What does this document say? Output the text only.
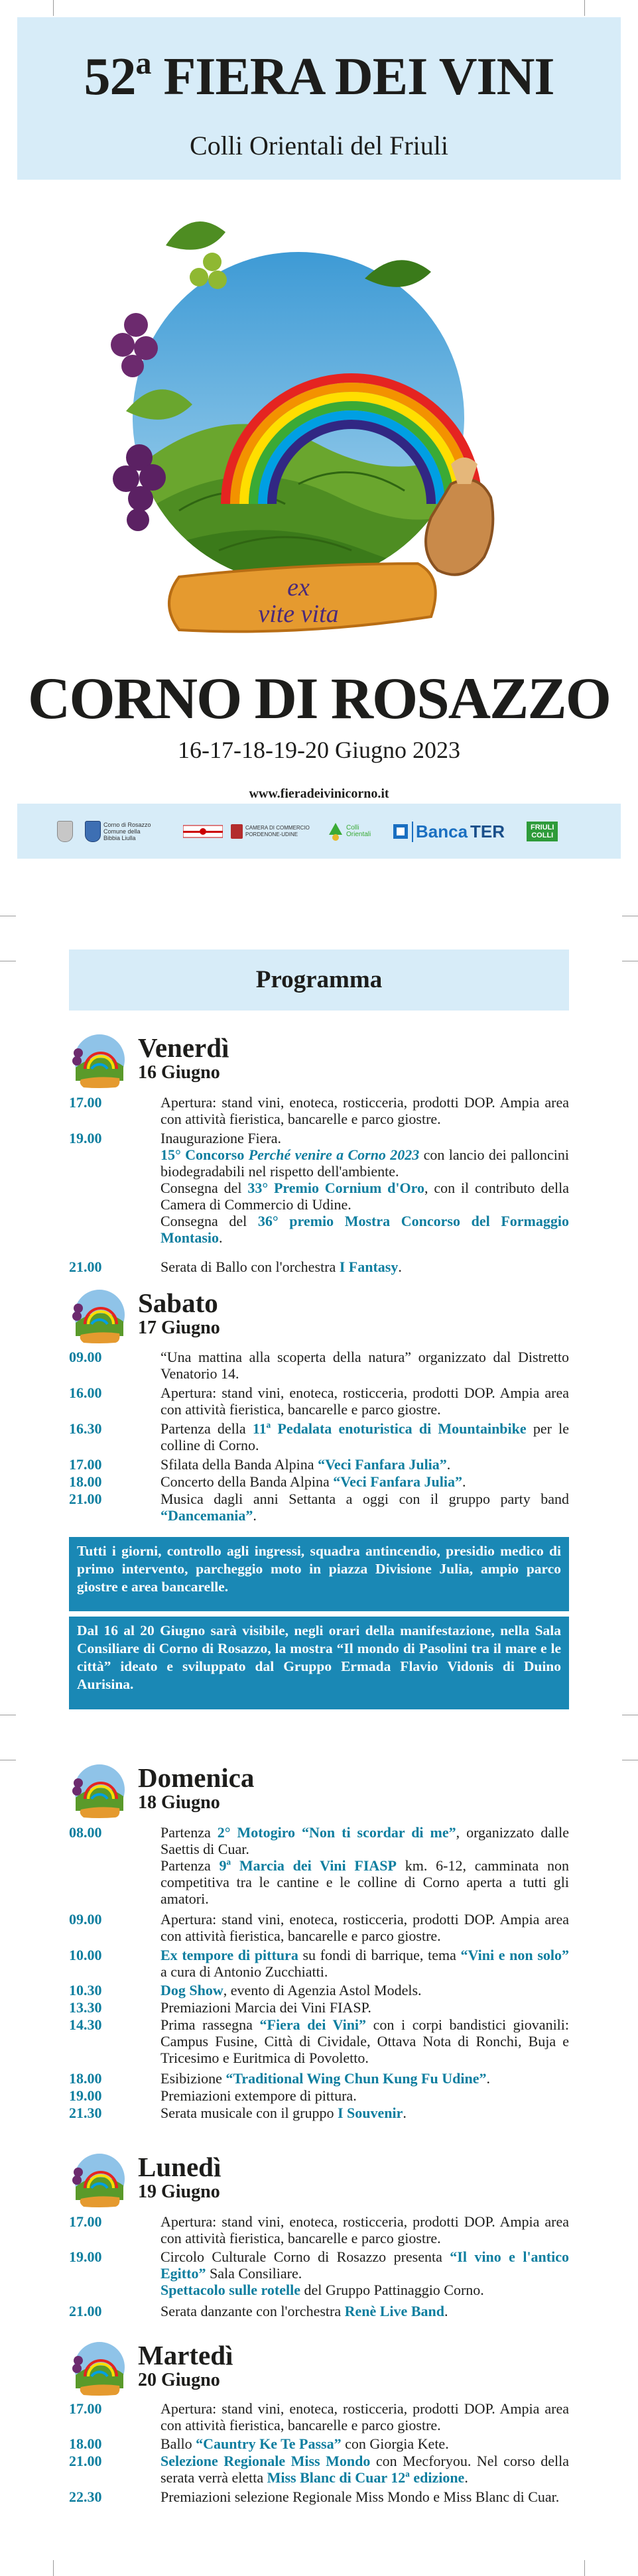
52$^a$ FIERA DEI VINI
Colli Orientali del Friuli
ex
vite vita
CORNO DI ROSAZZO
16-17-18-19-20 Giugno 2023
www.fieradeivinicorno.it
Corno di Rosazzo
Comune della
Bibbia Liulla
CAMERA DI COMMERCIO
PORDENONE-UDINE
Colli
Orientali	Banca TER	FRIULI
COLLI
Programma
Venerdì
16 Giugno
17.00	Apertura: stand vini, enoteca, rosticceria, prodotti DOP. Ampia area con attività fieristica, bancarelle e parco giostre.
19.00	Inaugurazione Fiera.
15° Concorso Perché venire a Corno 2023 con lancio dei palloncini biodegradabili nel rispetto dell'ambiente.
Consegna del 33° Premio Cornium d'Oro, con il contributo della Camera di Commercio di Udine.
Consegna del 36° premio Mostra Concorso del Formaggio Montasio.
21.00	Serata di Ballo con l'orchestra I Fantasy.
Sabato
17 Giugno
09.00	“Una mattina alla scoperta della natura” organizzato dal Distretto Venatorio 14.
16.00	Apertura: stand vini, enoteca, rosticceria, prodotti DOP. Ampia area con attività fieristica, bancarelle e parco giostre.
16.30	Partenza della 11ª Pedalata enoturistica di Mountainbike per le colline di Corno.
17.00	Sfilata della Banda Alpina “Veci Fanfara Julia”.
18.00	Concerto della Banda Alpina “Veci Fanfara Julia”.
21.00	Musica dagli anni Settanta a oggi con il gruppo party band “Dancemania”.
Tutti i giorni, controllo agli ingressi, squadra antincendio, presidio medico di primo intervento, parcheggio moto in piazza Divisione Julia, ampio parco giostre e area bancarelle.
Dal 16 al 20 Giugno sarà visibile, negli orari della manifestazione, nella Sala Consiliare di Corno di Rosazzo, la mostra “Il mondo di Pasolini tra il mare e le città” ideato e sviluppato dal Gruppo Ermada Flavio Vidonis di Duino Aurisina.
Domenica
18 Giugno
08.00	Partenza 2° Motogiro “Non ti scordar di me”, organizzato dalle Saettis di Cuar.
Partenza 9ª Marcia dei Vini FIASP km. 6-12, camminata non competitiva tra le cantine e le colline di Corno aperta a tutti gli amatori.
09.00	Apertura: stand vini, enoteca, rosticceria, prodotti DOP. Ampia area con attività fieristica, bancarelle e parco giostre.
10.00	Ex tempore di pittura su fondi di barrique, tema “Vini e non solo” a cura di Antonio Zucchiatti.
10.30	Dog Show, evento di Agenzia Astol Models.
13.30	Premiazioni Marcia dei Vini FIASP.
14.30	Prima rassegna “Fiera dei Vini” con i corpi bandistici giovanili: Campus Fusine, Città di Cividale, Ottava Nota di Ronchi, Buja e Tricesimo e Euritmica di Povoletto.
18.00	Esibizione “Traditional Wing Chun Kung Fu Udine”.
19.00	Premiazioni extempore di pittura.
21.30	Serata musicale con il gruppo I Souvenir.
Lunedì
19 Giugno
17.00	Apertura: stand vini, enoteca, rosticceria, prodotti DOP. Ampia area con attività fieristica, bancarelle e parco giostre.
19.00	Circolo Culturale Corno di Rosazzo presenta “Il vino e l'antico Egitto” Sala Consiliare.
Spettacolo sulle rotelle del Gruppo Pattinaggio Corno.
21.00	Serata danzante con l'orchestra Renè Live Band.
Martedì
20 Giugno
17.00	Apertura: stand vini, enoteca, rosticceria, prodotti DOP. Ampia area con attività fieristica, bancarelle e parco giostre.
18.00	Ballo “Cauntry Ke Te Passa” con Giorgia Kete.
21.00	Selezione Regionale Miss Mondo con Mecforyou. Nel corso della serata verrà eletta Miss Blanc di Cuar 12ª edizione.
22.30	Premiazioni selezione Regionale Miss Mondo e Miss Blanc di Cuar.
